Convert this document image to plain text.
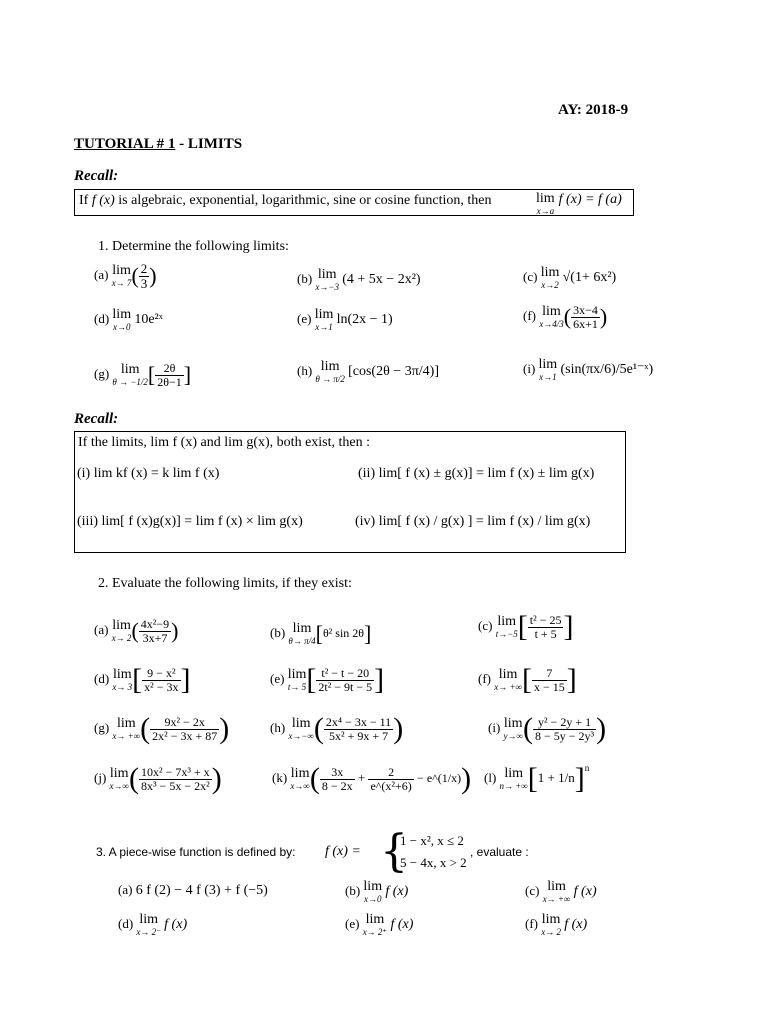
AY: 2018-9
TUTORIAL # 1 - LIMITS
Recall:
If f (x) is algebraic, exponential, logarithmic, sine or cosine function, then	lim
x→a
f (x) = f (a)
1. Determine the following limits:
(a) lim
x→ 7 ( $\frac{2}{3}$ )	(b) lim
x→−3
(4 + 5x − 2x²)	(c) lim
x→2
√(1+ 6x²)
(d) lim
x→0
10e²ˣ	(e) lim
x→1
ln(2x − 1)	(f) lim
x→4/3 ( $\frac{3x-4}{6x+1}$ )
(g) lim
θ → −1/2 [ $\frac{2\theta}{2\theta-1}$ ]	(h) lim
θ → π/2
[cos(2θ − 3π/4)]	(i) lim
x→1
(sin(πx/6)/5e¹⁻ˣ)
Recall:
If the limits, lim f (x) and lim g(x), both exist, then :
(i) lim kf (x) = k lim f (x)	(ii) lim[ f (x) ± g(x)] = lim f (x) ± lim g(x)
(iii) lim[ f (x)g(x)] = lim f (x) × lim g(x)	(iv) lim[ f (x) / g(x) ] = lim f (x) / lim g(x)
2. Evaluate the following limits, if they exist:
(a) lim
x→ 2 ( $\frac{\text{4x²−9}}{3x+7}$ )	(b) lim
θ→ π/4 [θ² sin 2θ]	(c) lim
t→−5 [ $\frac{\text{t² − 25}}{t + 5}$ ]
(d) lim
x→ 3 [ $\frac{\text{9 − x²}}{\text{x² − 3x}}$ ]	(e) lim
t→ 5 [ $\frac{\text{t² − t − 20}}{\text{2t² − 9t − 5}}$ ]	(f) lim
x→ +∞ [ $\frac{7}{x - 15}$ ]
(g) lim
x→ +∞ ( $\frac{\text{9x² − 2x}}{\text{2x² − 3x + 87}}$ )	(h) lim
x→−∞ ( $\frac{\text{2x⁴ − 3x − 11}}{\text{5x² + 9x + 7}}$ )	(i) lim
y→∞ ( $\frac{\text{y² − 2y + 1}}{\text{8 − 5y − 2y³}}$ )
(j) lim
x→∞ ( $\frac{\text{10x² − 7x³ + x}}{\text{8x³ − 5x − 2x²}}$ )	(k) lim
x→∞ ( $\frac{3x}{8 - 2x} + \frac{2}{\text{e\textasciicircum{}(x²+6)}}$ − e^(1/x)) (l) lim
n→ +∞ $[1 + 1/n]^n$
3. A piece-wise function is defined by: f (x) = {
1 − x², x ≤ 2
5 − 4x, x > 2
, evaluate :
(a) 6 f (2) − 4 f (3) + f (−5)	(b) lim
x→0
f (x)	(c) lim
x→ +∞
f (x)
(d) lim
x→ 2⁻
f (x)	(e) lim
x→ 2⁺
f (x)	(f) lim
x→ 2
f (x)
